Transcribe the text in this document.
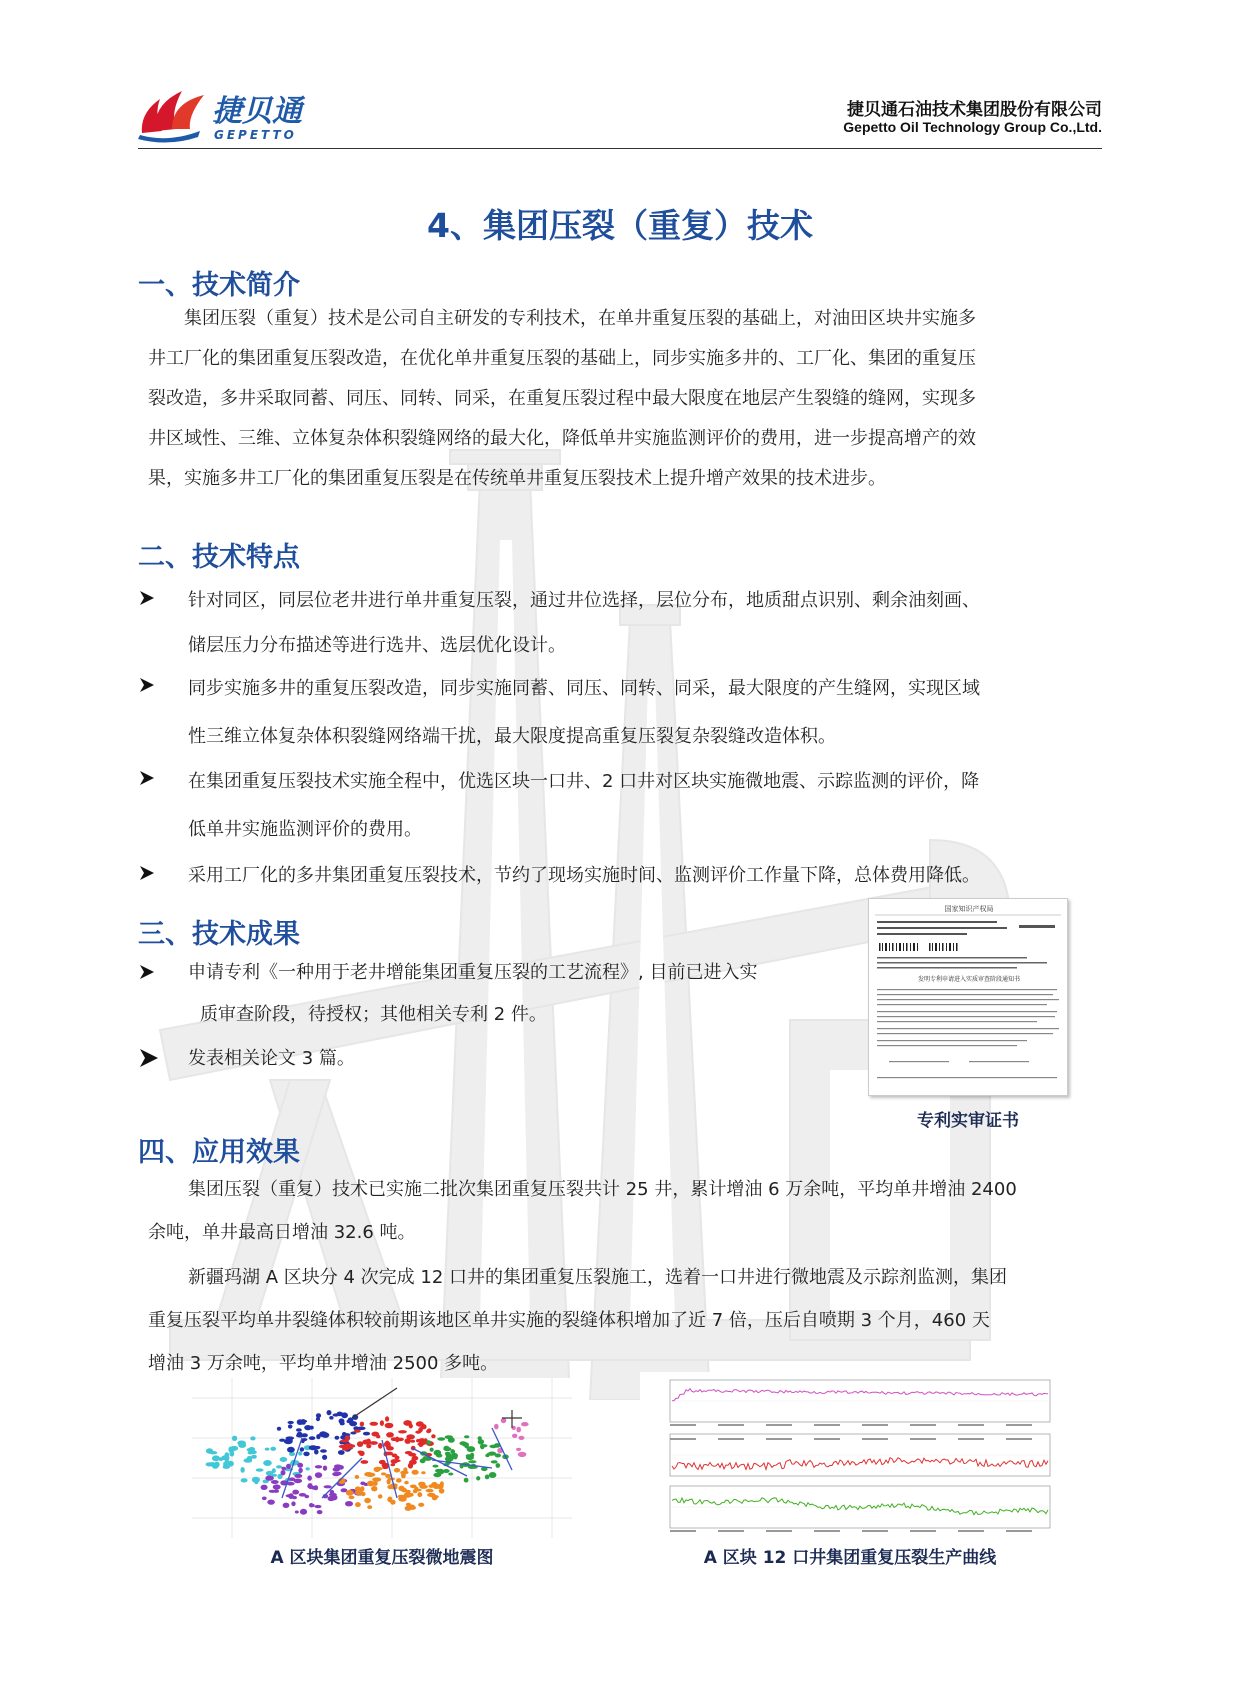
捷贝通
GEPETTO
捷贝通石油技术集团股份有限公司
Gepetto Oil Technology Group Co.,Ltd.
4、集团压裂（重复）技术
一、技术简介
集团压裂（重复）技术是公司自主研发的专利技术，在单井重复压裂的基础上，对油田区块井实施多
井工厂化的集团重复压裂改造，在优化单井重复压裂的基础上，同步实施多井的、工厂化、集团的重复压
裂改造，多井采取同蓄、同压、同转、同采，在重复压裂过程中最大限度在地层产生裂缝的缝网，实现多
井区域性、三维、立体复杂体积裂缝网络的最大化，降低单井实施监测评价的费用，进一步提高增产的效
果，实施多井工厂化的集团重复压裂是在传统单井重复压裂技术上提升增产效果的技术进步。
二、技术特点
针对同区，同层位老井进行单井重复压裂，通过井位选择，层位分布，地质甜点识别、剩余油刻画、
储层压力分布描述等进行选井、选层优化设计。
同步实施多井的重复压裂改造，同步实施同蓄、同压、同转、同采，最大限度的产生缝网，实现区域
性三维立体复杂体积裂缝网络端干扰，最大限度提高重复压裂复杂裂缝改造体积。
在集团重复压裂技术实施全程中，优选区块一口井、2 口井对区块实施微地震、示踪监测的评价，降
低单井实施监测评价的费用。
采用工厂化的多井集团重复压裂技术，节约了现场实施时间、监测评价工作量下降，总体费用降低。
三、技术成果
申请专利《一种用于老井增能集团重复压裂的工艺流程》, 目前已进入实
质审查阶段，待授权；其他相关专利 2 件。
发表相关论文 3 篇。
国家知识产权局
发明专利申请进入实质审查阶段通知书
专利实审证书
四、应用效果
集团压裂（重复）技术已实施二批次集团重复压裂共计 25 井，累计增油 6 万余吨，平均单井增油 2400
余吨，单井最高日增油 32.6 吨。
新疆玛湖 A 区块分 4 次完成 12 口井的集团重复压裂施工，选着一口井进行微地震及示踪剂监测，集团
重复压裂平均单井裂缝体积较前期该地区单井实施的裂缝体积增加了近 7 倍，压后自喷期 3 个月，460 天
增油 3 万余吨，平均单井增油 2500 多吨。
A 区块集团重复压裂微地震图	A 区块 12 口井集团重复压裂生产曲线
